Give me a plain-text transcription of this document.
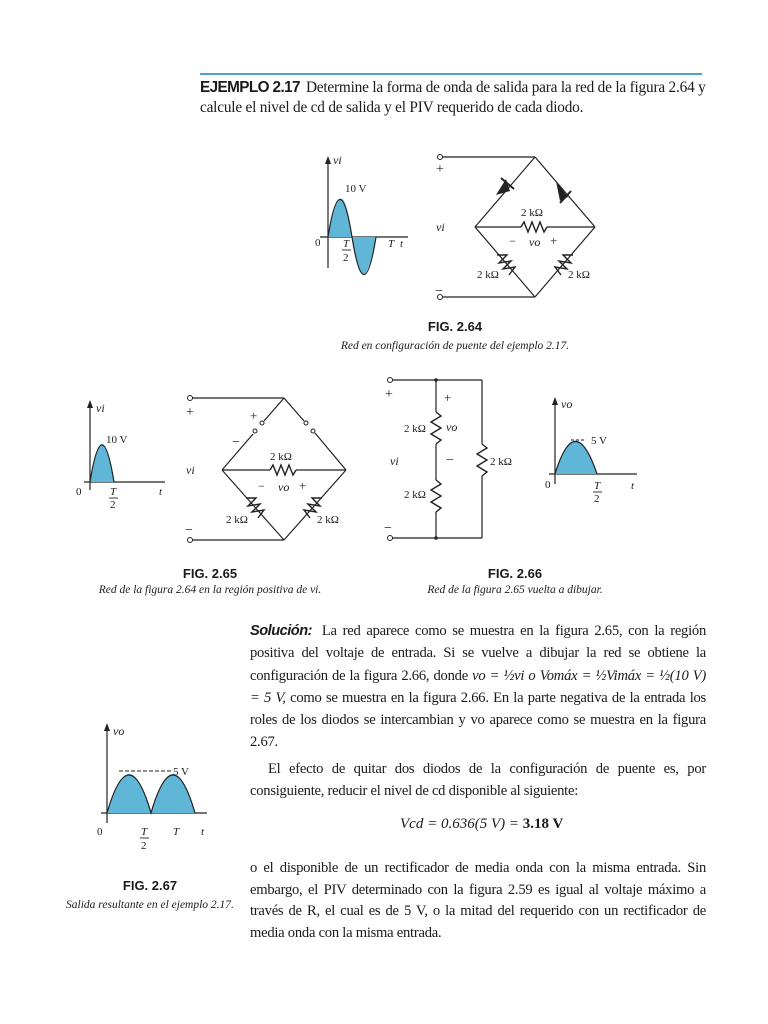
EJEMPLO 2.17 Determine la forma de onda de salida para la red de la figura 2.64 y calcule el nivel de cd de salida y el PIV requerido de cada diodo.
vi
10 V
0 T
2
T t
+
−
vi
2 kΩ
2 kΩ	2 kΩ
− vo +
FIG. 2.64
Red en configuración de puente del ejemplo 2.17.
vi
10 V
0	T
2
t
+
−
vi
+
−
2 kΩ
2 kΩ	2 kΩ
− vo +
FIG. 2.65
Red de la figura 2.64 en la región positiva de vi.
+
−
vi
2 kΩ
2 kΩ
2 kΩ
+
vo
−
vo
5 V
0	T
2
t
FIG. 2.66
Red de la figura 2.65 vuelta a dibujar.
vo
5 V
0	T
2
T t
FIG. 2.67
Salida resultante en el ejemplo 2.17.

Solución: La red aparece como se muestra en la figura 2.65, con la región positiva del voltaje de entrada. Si se vuelve a dibujar la red se obtiene la configuración de la figura 2.66, donde vo = ½vi o Vomáx = ½Vimáx = ½(10 V) = 5 V, como se muestra en la figura 2.66. En la parte negativa de la entrada los roles de los diodos se intercambian y vo aparece como se muestra en la figura 2.67.

El efecto de quitar dos diodos de la configuración de puente es, por consiguiente, reducir el nivel de cd disponible al siguiente:

Vcd = 0.636(5 V) = 3.18 V
o el disponible de un rectificador de media onda con la misma entrada. Sin embargo, el PIV determinado con la figura 2.59 es igual al voltaje máximo a través de R, el cual es de 5 V, o la mitad del requerido con un rectificador de media onda con la misma entrada.
